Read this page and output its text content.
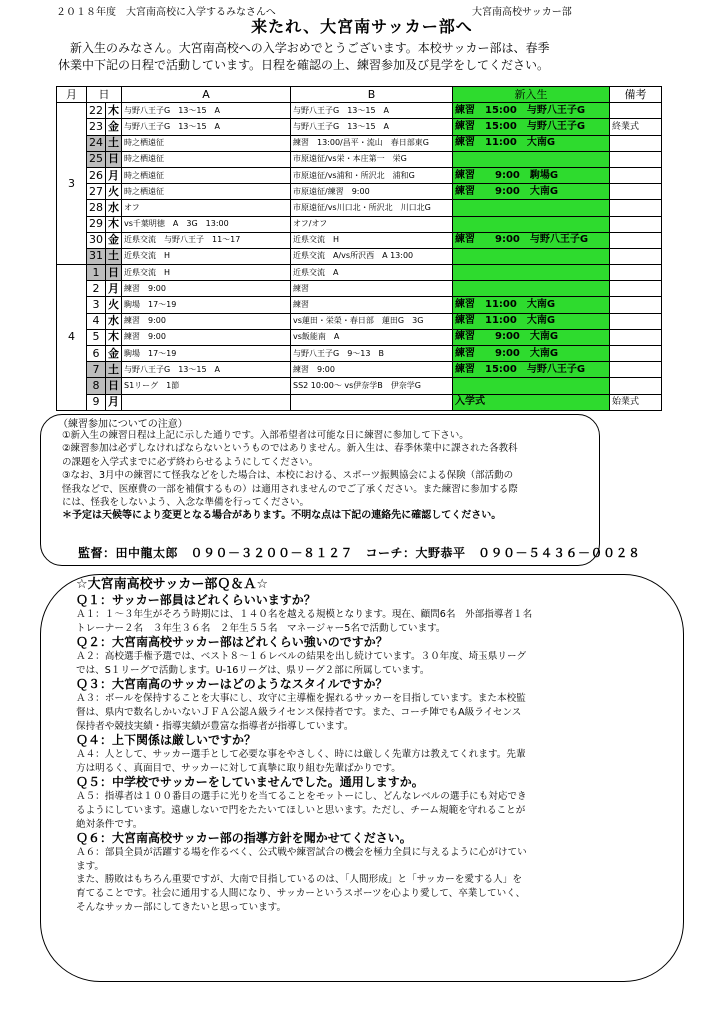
２０１８年度　大宮南高校に入学するみなさんへ	大宮南高校サッカー部
来たれ、大宮南サッカー部へ
新入生のみなさん。大宮南高校への入学おめでとうございます。本校サッカー部は、春季
休業中下記の日程で活動しています。日程を確認の上、練習参加及び見学をしてください。
月	日		A	B	新入生	備考
3	22	木	与野八王子G　13～15　A	与野八王子G　13～15　A	練習　15:00　与野八王子G	
	23	金	与野八王子G　13～15　A	与野八王子G　13～15　A	練習　15:00　与野八王子G	終業式
	24	土	時之栖遠征	練習　13:00/昌平・流山　春日部東G	練習　11:00　大南G	
	25	日	時之栖遠征	市原遠征/vs栄・本庄第一　栄G		
	26	月	時之栖遠征	市原遠征/vs浦和・所沢北　浦和G	練習　　9:00　駒場G	
	27	火	時之栖遠征	市原遠征/練習　9:00	練習　　9:00　大南G	
	28	水	オフ	市原遠征/vs川口北・所沢北　川口北G		
	29	木	vs千葉明徳　A　3G　13:00	オフ/オフ		
	30	金	近県交流　与野八王子　11～17	近県交流　H	練習　　9:00　与野八王子G	
	31	土	近県交流　H	近県交流　A/vs所沢西　A 13:00		
4	1	日	近県交流　H	近県交流　A		
	2	月	練習　9:00	練習		
	3	火	駒場　17～19	練習	練習　11:00　大南G	
	4	水	練習　9:00	vs蓮田・栄榮・春日部　蓮田G　3G	練習　11:00　大南G	
	5	木	練習　9:00	vs飯能南　A	練習　　9:00　大南G	
	6	金	駒場　17～19	与野八王子G　9～13　B	練習　　9:00　大南G	
	7	土	与野八王子G　13～15　A	練習　9:00	練習　15:00　与野八王子G	
	8	日	S1リーグ　1節	SS2 10:00～ vs伊奈学B　伊奈学G		
	9	月			入学式	始業式
（練習参加についての注意）
①新入生の練習日程は上記に示した通りです。入部希望者は可能な日に練習に参加して下さい。
②練習参加は必ずしなければならないというものではありません。新入生は、春季休業中に課された各教科
の課題を入学式までに必ず終わらせるようにしてください。
③なお、3月中の練習にて怪我などをした場合は、本校における、スポーツ振興協会による保険（部活動の
怪我などで、医療費の一部を補償するもの）は適用されませんのでご了承ください。また練習に参加する際
には、怪我をしないよう、入念な準備を行ってください。
＊予定は天候等により変更となる場合があります。不明な点は下記の連絡先に確認してください。
監督：田中龍太郎　０９０－３２００－８１２７　コーチ：大野恭平　０９０－５４３６－００２８
☆大宮南高校サッカー部Ｑ＆Ａ☆
Ｑ１：サッカー部員はどれくらいいますか？
Ａ１：１～３年生がそろう時期には、１４０名を越える規模となります。現在、顧問6名　外部指導者１名
トレーナー２名　３年生３６名　２年生５５名　マネージャー5名で活動しています。
Ｑ２：大宮南高校サッカー部はどれくらい強いのですか？
Ａ２：高校選手権予選では、ベスト８～１６レベルの結果を出し続けています。３０年度、埼玉県リーグ
では、S１リーグで活動します。U-16リーグは、県リーグ２部に所属しています。
Ｑ３：大宮南高のサッカーはどのようなスタイルですか？
Ａ３：ボールを保持することを大事にし、攻守に主導権を握れるサッカーを目指しています。また本校監
督は、県内で数名しかいないＪＦＡ公認Ａ級ライセンス保持者です。また、コーチ陣でもA級ライセンス
保持者や競技実績・指導実績が豊富な指導者が指導しています。
Ｑ４：上下関係は厳しいですか？
Ａ４：人として、サッカー選手として必要な事をやさしく、時には厳しく先輩方は教えてくれます。先輩
方は明るく、真面目で、サッカーに対して真摯に取り組む先輩ばかりです。
Ｑ５：中学校でサッカーをしていませんでした。通用しますか。
Ａ５：指導者は１００番目の選手に光りを当てることをモットーにし、どんなレベルの選手にも対応でき
るようにしています。遠慮しないで門をたたいてほしいと思います。ただし、チーム規範を守れることが
絶対条件です。
Ｑ６：大宮南高校サッカー部の指導方針を聞かせてください。
Ａ６：部員全員が活躍する場を作るべく、公式戦や練習試合の機会を極力全員に与えるように心がけてい
ます。
また、勝敗はもちろん重要ですが、大南で目指しているのは、「人間形成」と「サッカーを愛する人」を
育てることです。社会に通用する人間になり、サッカーというスポーツを心より愛して、卒業していく、
そんなサッカー部にしてきたいと思っています。
